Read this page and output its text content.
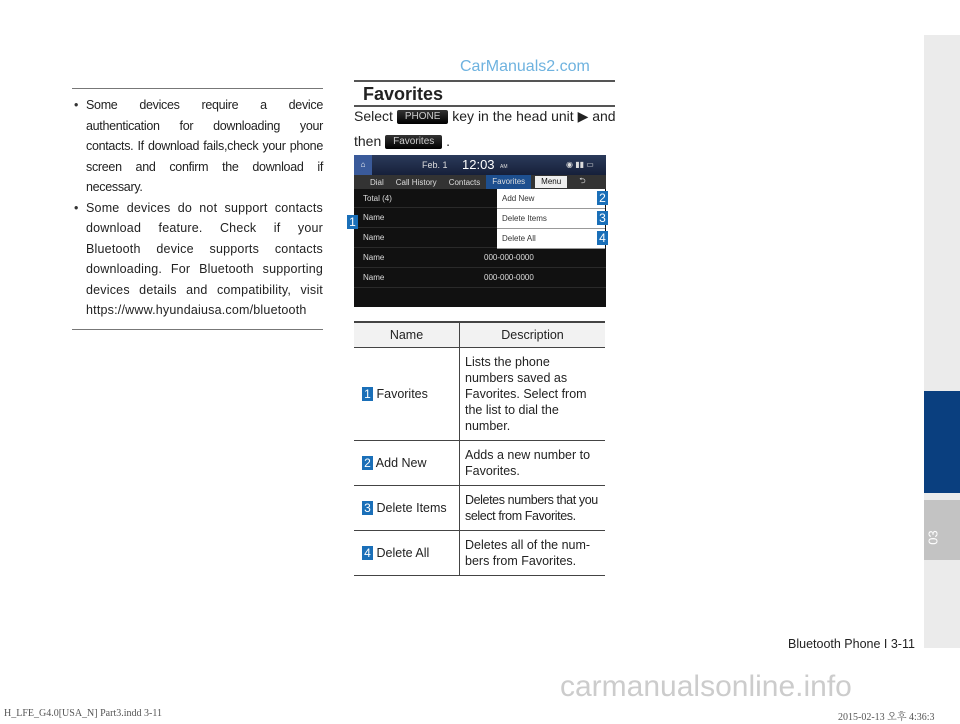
03
• Some devices require a device authentication for downloading your contacts. If download fails,check your phone screen and confirm the download if necessary.
• Some devices do not support contacts download feature. Check if your Bluetooth device supports contacts downloading. For Bluetooth supporting devices details and compatibility, visit https://www.hyundaiusa.com/bluetooth
Favorites
Select PHONE key in the head unit ▶ and
then Favorites .
⌂	Feb. 1 12:03 AM	◉ ▮▮ ▭
Dial	Call History	Contacts	Favorites	Menu	⮌
Total (4)
Name
Name
Name	000-000-0000
Name	000-000-0000
Add New
Delete Items
Delete All
1
2
3
4
Name	Description
1 Favorites	Lists the phone numbers saved as Favorites. Select from the list to dial the number.
2 Add New	Adds a new number to Favorites.
3 Delete Items	Deletes numbers that you select from Favorites.
4 Delete All	Deletes all of the num-bers from Favorites.
Bluetooth Phone I 3-11
carmanualsonline.info
CarManuals2.com
H_LFE_G4.0[USA_N] Part3.indd 3-11	2015-02-13 오후 4:36:3
